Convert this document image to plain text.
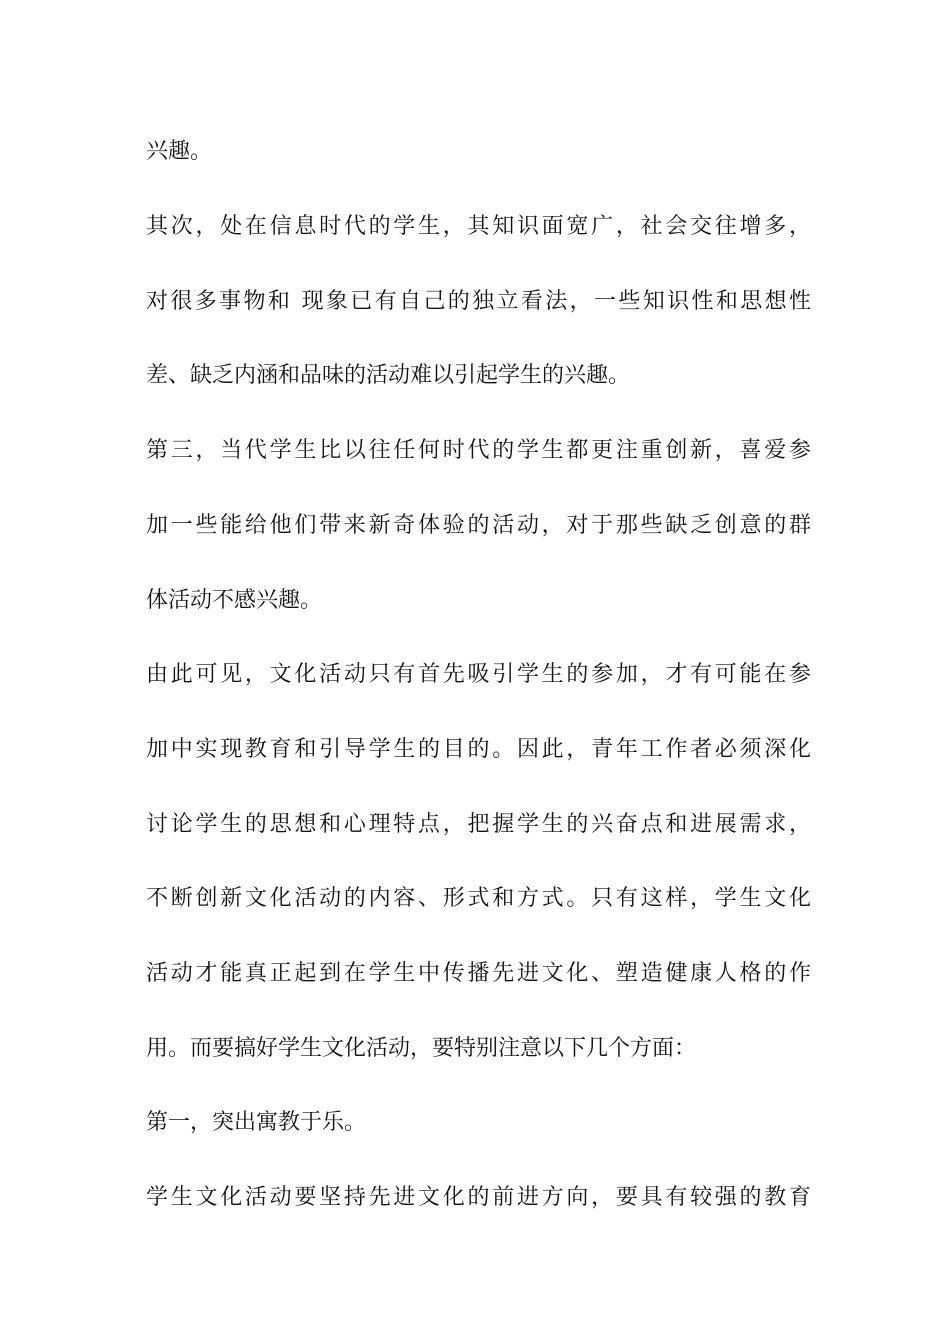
兴趣。
其次，处在信息时代的学生，其知识面宽广，社会交往增多，
对很多事物和 现象已有自己的独立看法，一些知识性和思想性
差、缺乏内涵和品味的活动难以引起学生的兴趣。
第三，当代学生比以往任何时代的学生都更注重创新，喜爱参
加一些能给他们带来新奇体验的活动，对于那些缺乏创意的群
体活动不感兴趣。
由此可见，文化活动只有首先吸引学生的参加，才有可能在参
加中实现教育和引导学生的目的。因此，青年工作者必须深化
讨论学生的思想和心理特点，把握学生的兴奋点和进展需求，
不断创新文化活动的内容、形式和方式。只有这样，学生文化
活动才能真正起到在学生中传播先进文化、塑造健康人格的作
用。而要搞好学生文化活动，要特别注意以下几个方面：
第一，突出寓教于乐。
学生文化活动要坚持先进文化的前进方向，要具有较强的教育
